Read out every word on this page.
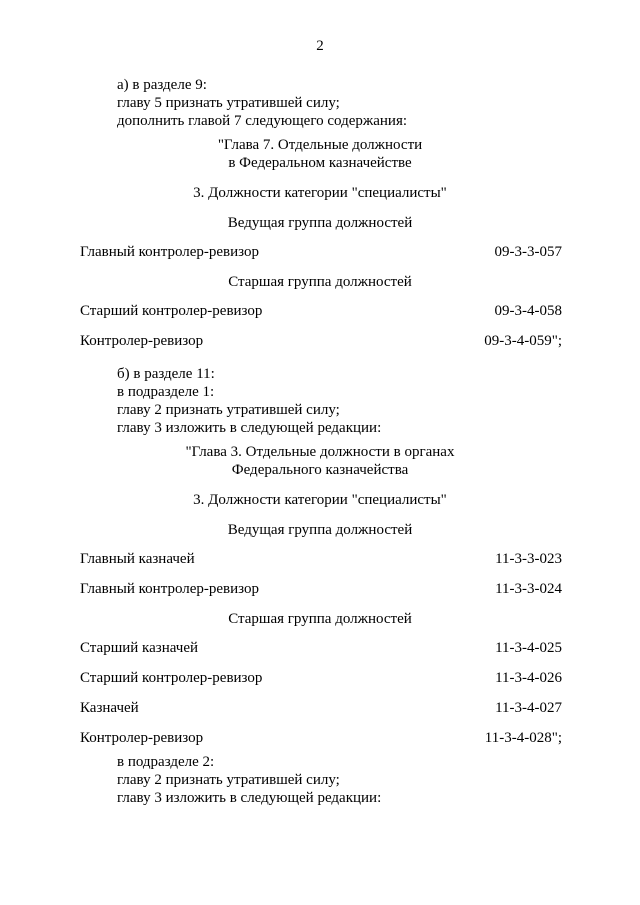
2
а) в разделе 9:
главу 5 признать утратившей силу;
дополнить главой 7 следующего содержания:
"Глава 7. Отдельные должности
в Федеральном казначействе
3. Должности категории "специалисты"
Ведущая группа должностей
Главный контролер-ревизор	09-3-3-057
Старшая группа должностей
Старший контролер-ревизор	09-3-4-058
Контролер-ревизор	09-3-4-059";
б) в разделе 11:
в подразделе 1:
главу 2 признать утратившей силу;
главу 3 изложить в следующей редакции:
"Глава 3. Отдельные должности в органах
Федерального казначейства
3. Должности категории "специалисты"
Ведущая группа должностей
Главный казначей	11-3-3-023
Главный контролер-ревизор	11-3-3-024
Старшая группа должностей
Старший казначей	11-3-4-025
Старший контролер-ревизор	11-3-4-026
Казначей	11-3-4-027
Контролер-ревизор	11-3-4-028";
в подразделе 2:
главу 2 признать утратившей силу;
главу 3 изложить в следующей редакции:
